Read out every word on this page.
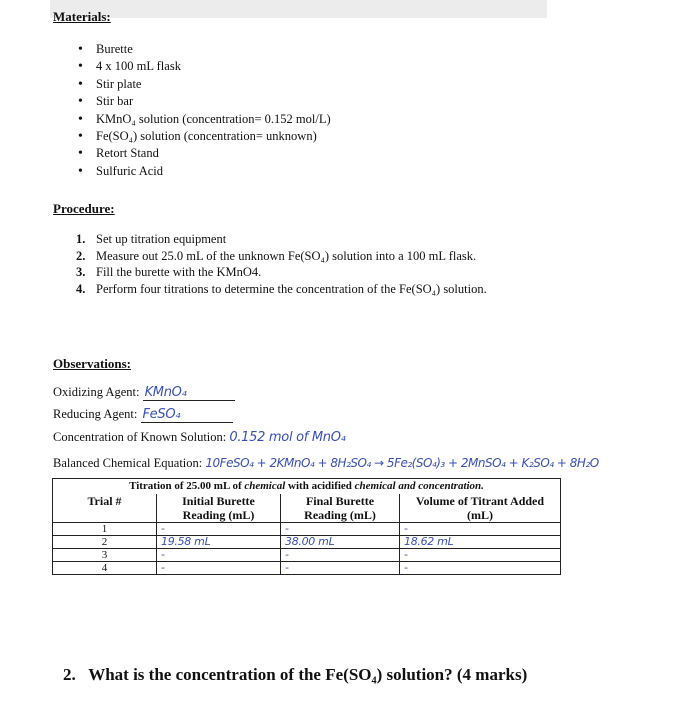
Materials:
• Burette
• 4 x 100 mL flask
• Stir plate
• Stir bar
• KMnO₄ solution (concentration= 0.152 mol/L)
• Fe(SO₄) solution (concentration= unknown)
• Retort Stand
• Sulfuric Acid
Procedure:
1. Set up titration equipment
2. Measure out 25.0 mL of the unknown Fe(SO₄) solution into a 100 mL flask.
3. Fill the burette with the KMnO4.
4. Perform four titrations to determine the concentration of the Fe(SO₄) solution.
Observations:
Oxidizing Agent: KMnO₄
Reducing Agent: FeSO₄
Concentration of Known Solution: 0.152 mol of MnO₄
Balanced Chemical Equation: 10FeSO₄ + 2KMnO₄ + 8H₂SO₄ → 5Fe₂(SO₄)₃ + 2MnSO₄ + K₂SO₄ + 8H₂O
Titration of 25.00 mL of chemical with acidified chemical and concentration.			
Trial #	Initial Burette Reading (mL)	Final Burette Reading (mL)	Volume of Titrant Added (mL)
1	-	-	-
2	19.58 mL	38.00 mL	18.62 mL
3	-	-	-
4	-	-	-
2. What is the concentration of the Fe(SO₄) solution? (4 marks)
